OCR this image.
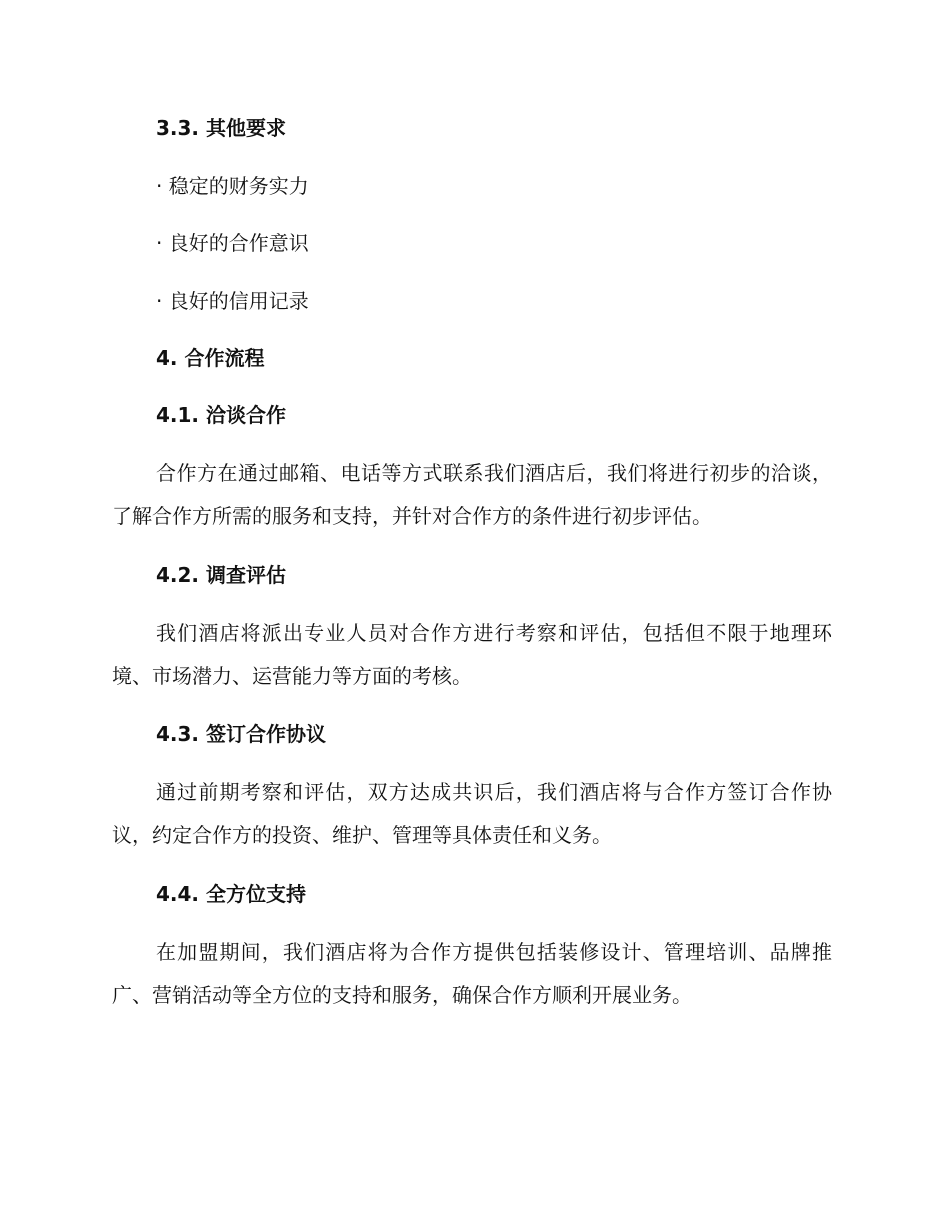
3.3. 其他要求
· 稳定的财务实力
· 良好的合作意识
· 良好的信用记录
4. 合作流程
4.1. 洽谈合作
合作方在通过邮箱、电话等方式联系我们酒店后，我们将进行初步的洽谈，了解合作方所需的服务和支持，并针对合作方的条件进行初步评估。
4.2. 调查评估
我们酒店将派出专业人员对合作方进行考察和评估，包括但不限于地理环境、市场潜力、运营能力等方面的考核。
4.3. 签订合作协议
通过前期考察和评估，双方达成共识后，我们酒店将与合作方签订合作协议，约定合作方的投资、维护、管理等具体责任和义务。
4.4. 全方位支持
在加盟期间，我们酒店将为合作方提供包括装修设计、管理培训、品牌推广、营销活动等全方位的支持和服务，确保合作方顺利开展业务。
